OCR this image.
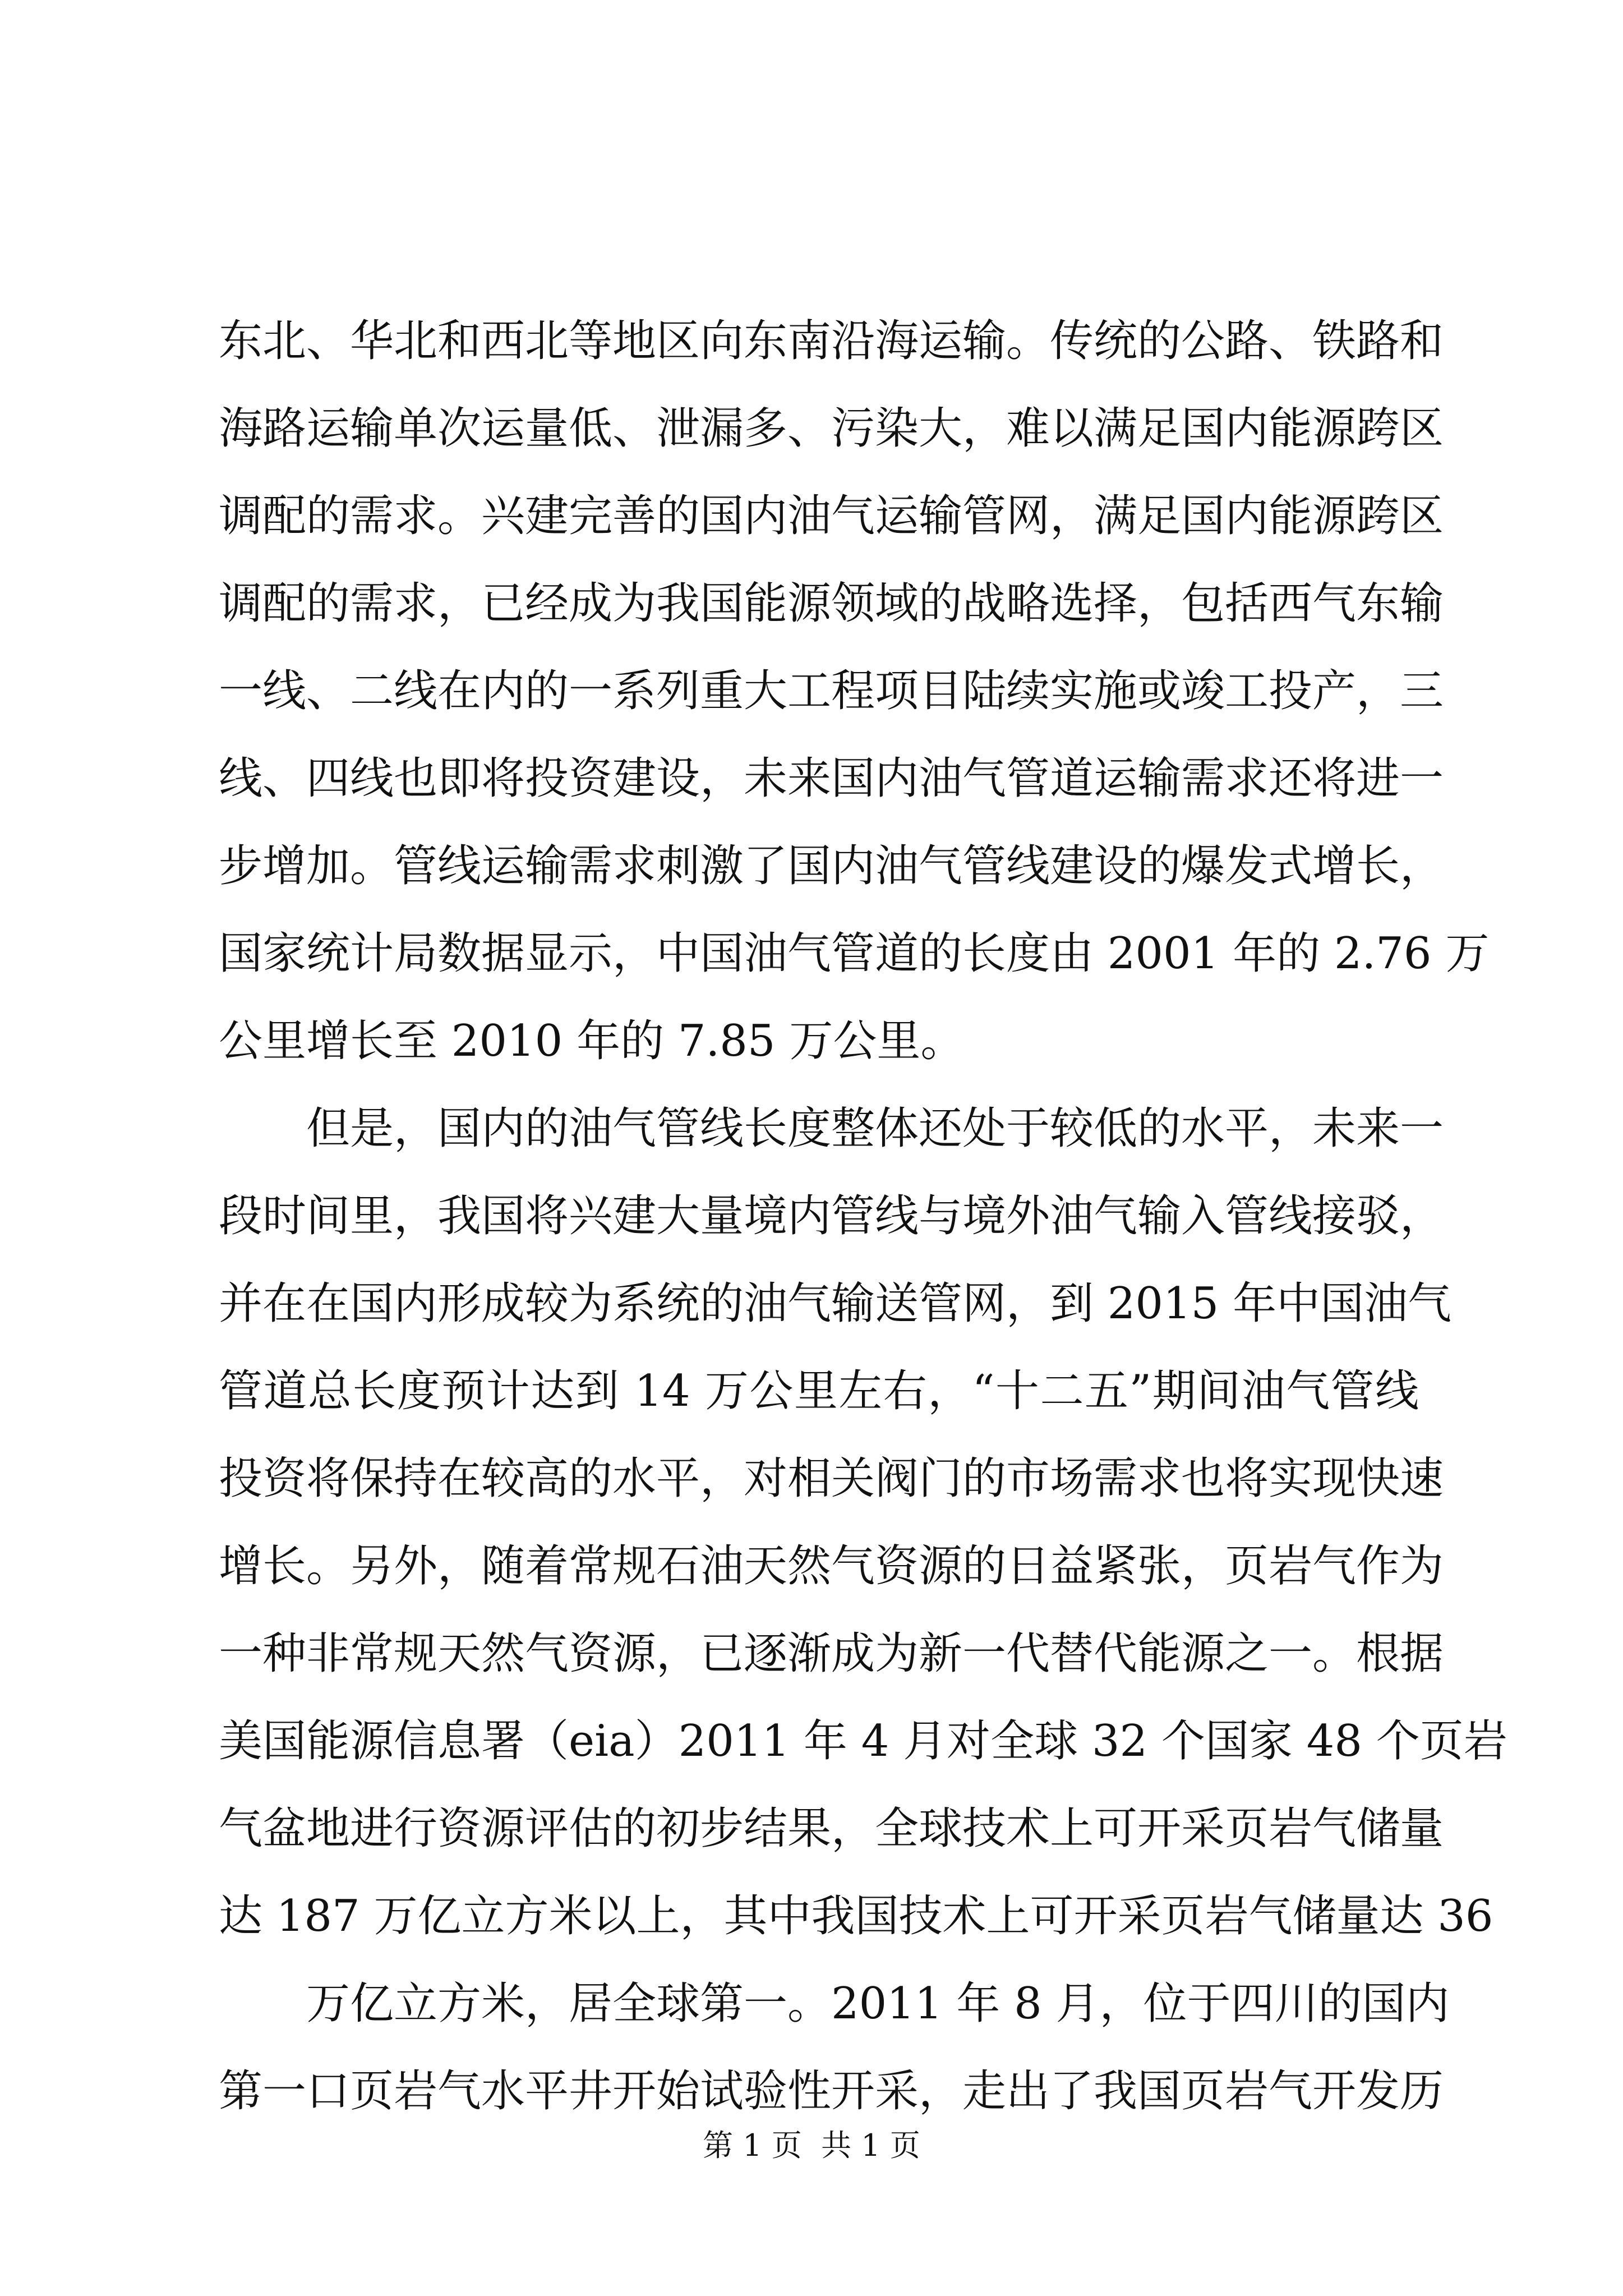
东北、华北和西北等地区向东南沿海运输。传统的公路、铁路和
海路运输单次运量低、泄漏多、污染大，难以满足国内能源跨区
调配的需求。兴建完善的国内油气运输管网，满足国内能源跨区
调配的需求，已经成为我国能源领域的战略选择，包括西气东输
一线、二线在内的一系列重大工程项目陆续实施或竣工投产，三
线、四线也即将投资建设，未来国内油气管道运输需求还将进一
步增加。管线运输需求刺激了国内油气管线建设的爆发式增长，
国家统计局数据显示，中国油气管道的长度由 2001 年的 2.76 万
公里增长至 2010 年的 7.85 万公里。
但是，国内的油气管线长度整体还处于较低的水平，未来一
段时间里，我国将兴建大量境内管线与境外油气输入管线接驳，
并在在国内形成较为系统的油气输送管网，到 2015 年中国油气
管道总长度预计达到 14 万公里左右，“十二五”期间油气管线
投资将保持在较高的水平，对相关阀门的市场需求也将实现快速
增长。另外，随着常规石油天然气资源的日益紧张，页岩气作为
一种非常规天然气资源，已逐渐成为新一代替代能源之一。根据
美国能源信息署（eia）2011 年 4 月对全球 32 个国家 48 个页岩
气盆地进行资源评估的初步结果，全球技术上可开采页岩气储量
达 187 万亿立方米以上，其中我国技术上可开采页岩气储量达 36
万亿立方米，居全球第一。2011 年 8 月，位于四川的国内
第一口页岩气水平井开始试验性开采，走出了我国页岩气开发历
第 1 页  共 1 页
